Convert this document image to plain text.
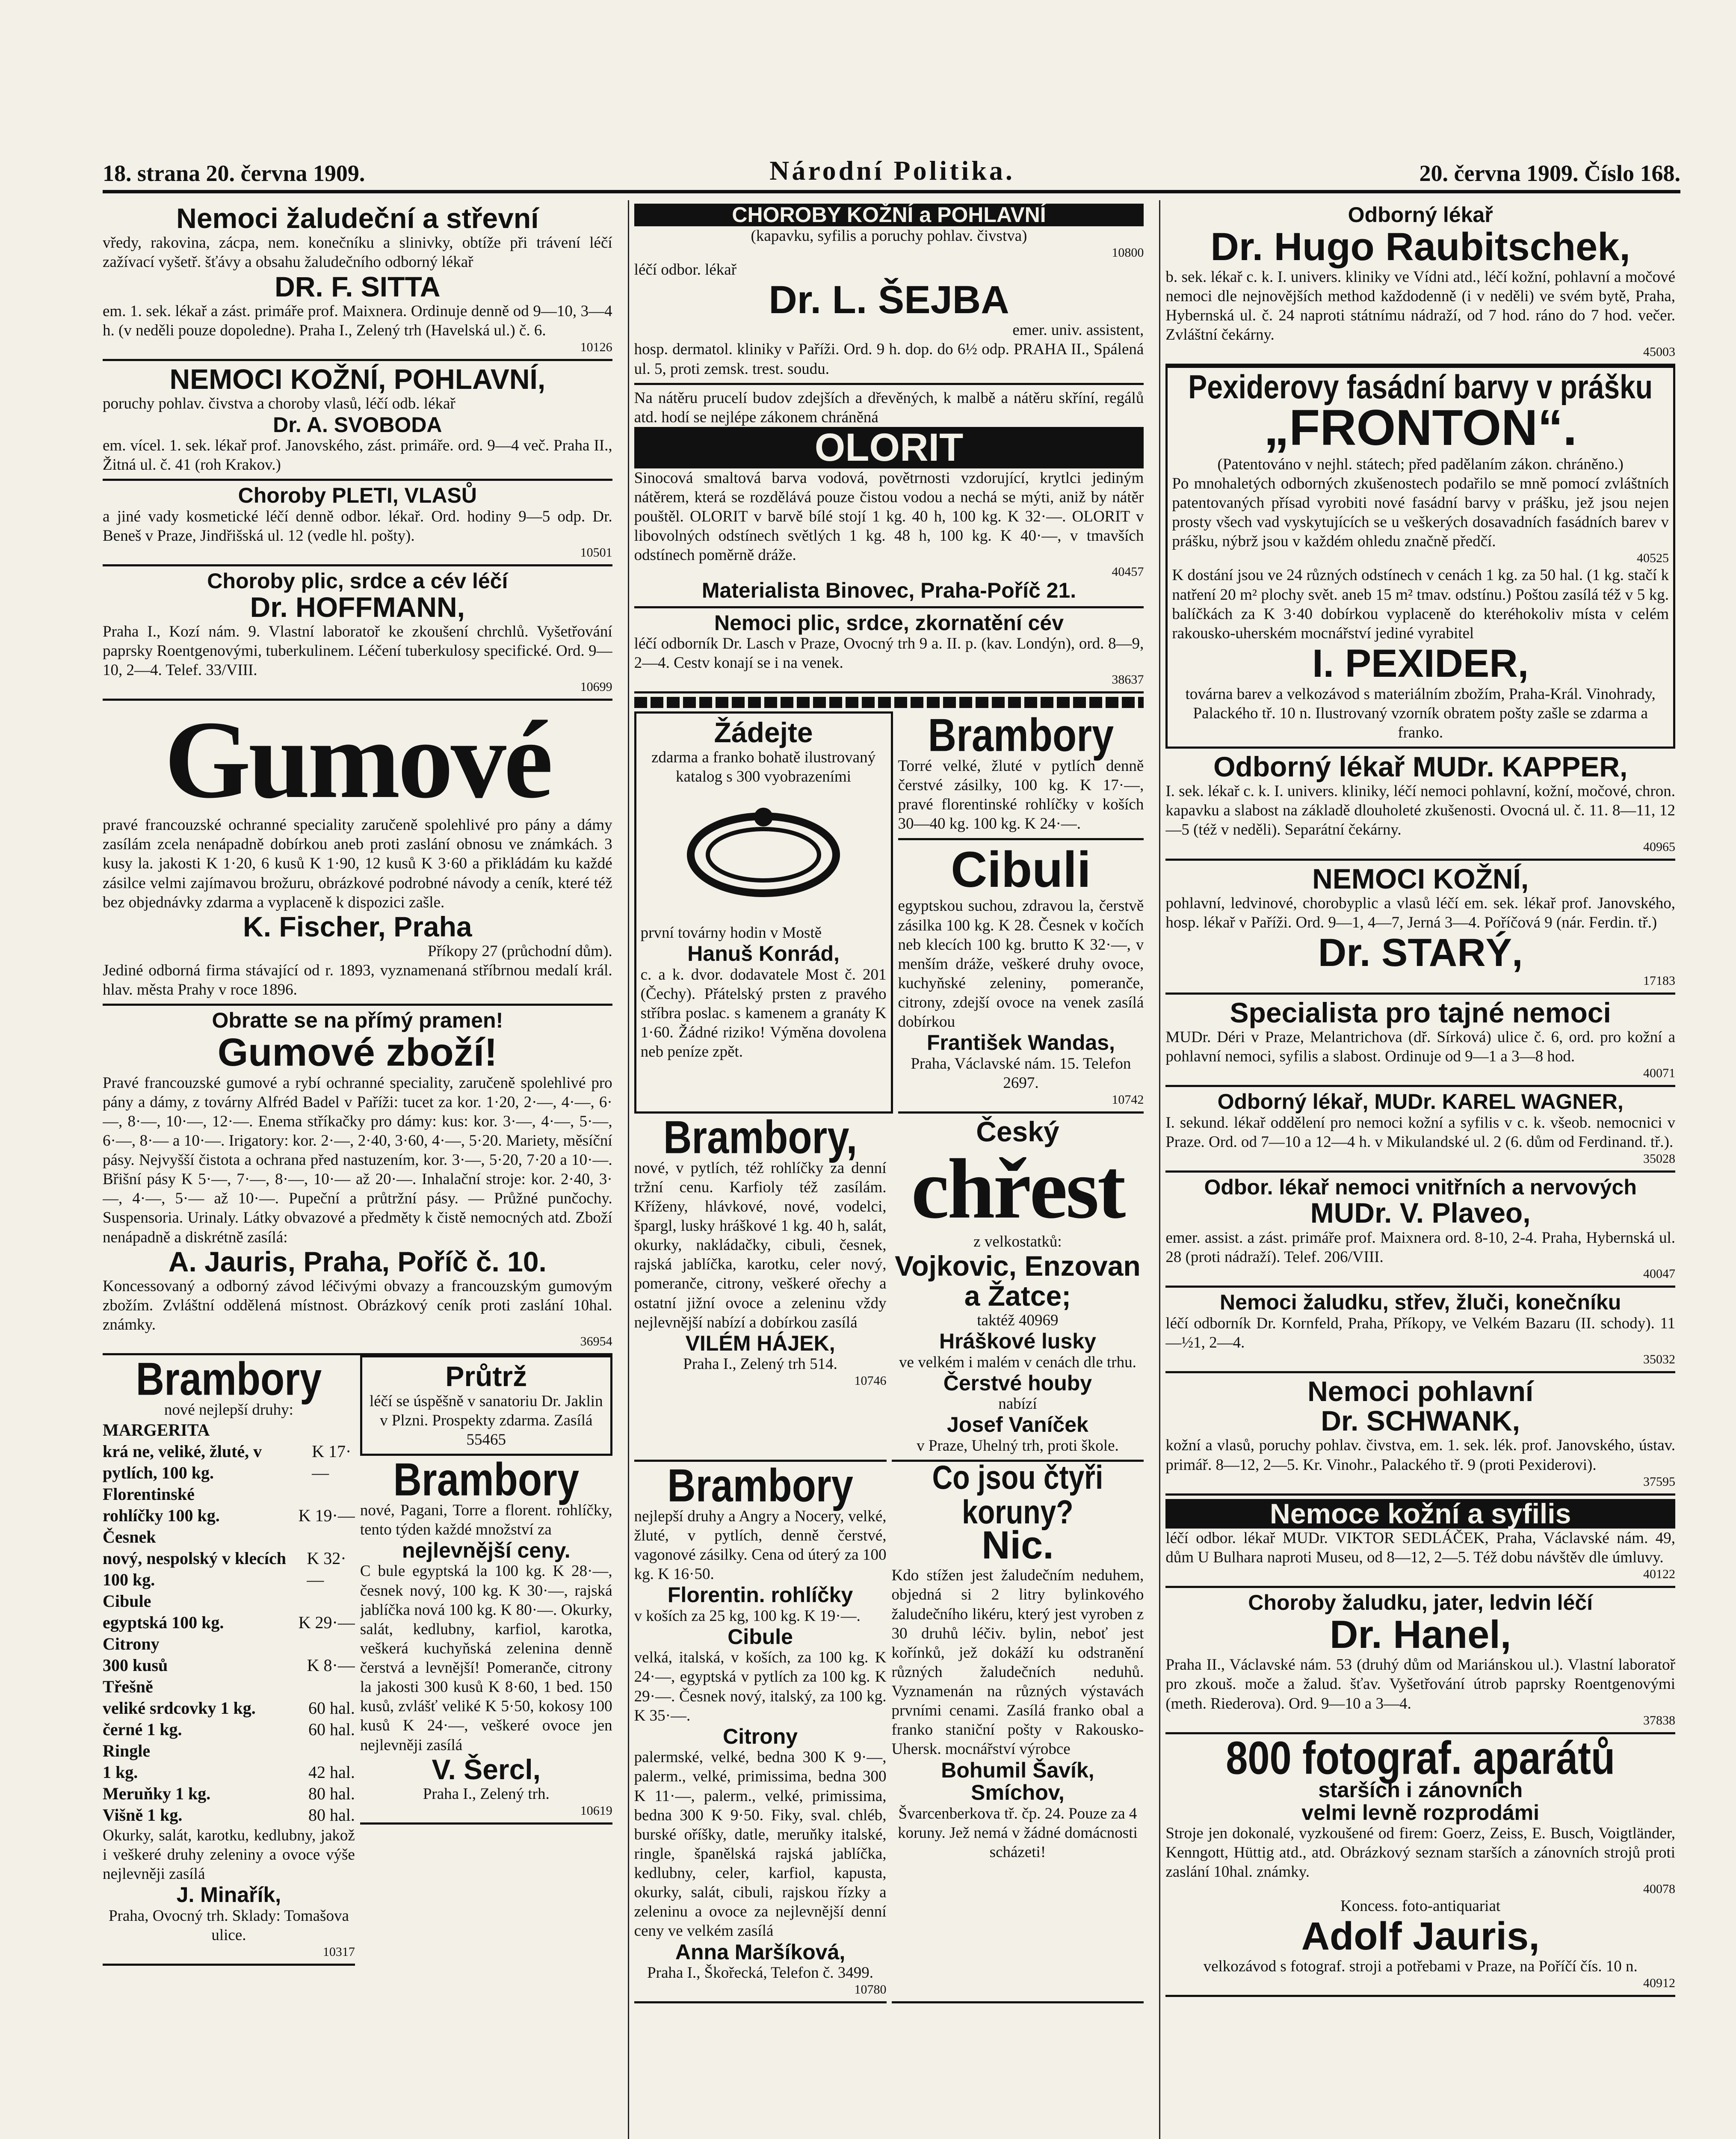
18. strana 20. června 1909.	Národní Politika.	20. června 1909. Číslo 168.
Nemoci žaludeční a střevní
vředy, rakovina, zácpa, nem. konečníku a slinivky, obtíže při trávení léčí zažívací vyšetř. šťávy a obsahu žaludečního odborný lékař
DR. F. SITTA
em. 1. sek. lékař a zást. primáře prof. Maixnera. Ordinuje denně od 9—10, 3—4 h. (v neděli pouze dopoledne). Praha I., Zelený trh (Havelská ul.) č. 6.
10126
NEMOCI KOŽNÍ, POHLAVNÍ,
poruchy pohlav. čivstva a choroby vlasů, léčí odb. lékař
Dr. A. SVOBODA
em. vícel. 1. sek. lékař prof. Janovského, zást. primáře. ord. 9—4 več. Praha II., Žitná ul. č. 41 (roh Krakov.)
Choroby PLETI, VLASŮ
a jiné vady kosmetické léčí denně odbor. lékař. Ord. hodiny 9—5 odp. Dr. Beneš v Praze, Jindřišská ul. 12 (vedle hl. pošty).
10501
Choroby plic, srdce a cév léčí
Dr. HOFFMANN,
Praha I., Kozí nám. 9. Vlastní laboratoř ke zkoušení chrchlů. Vyšetřování paprsky Roentgenovými, tuberkulinem. Léčení tuberkulosy specifické. Ord. 9—10, 2—4. Telef. 33/VIII.
10699
Gumové
pravé francouzské ochranné speciality zaručeně spolehlivé pro pány a dámy zasílám zcela nenápadně dobírkou aneb proti zaslání obnosu ve známkách. 3 kusy la. jakosti K 1·20, 6 kusů K 1·90, 12 kusů K 3·60 a přikládám ku každé zásilce velmi zajímavou brožuru, obrázkové podrobné návody a ceník, které též bez objednávky zdarma a vyplaceně k dispozici zašle.
K. Fischer, Praha
Příkopy 27 (průchodní dům).
Jediné odborná firma stávající od r. 1893, vyznamenaná stříbrnou medalí král. hlav. města Prahy v roce 1896.
Obratte se na přímý pramen!
Gumové zboží!
Pravé francouzské gumové a rybí ochranné speciality, zaručeně spolehlivé pro pány a dámy, z továrny Alfréd Badel v Paříži: tucet za kor. 1·20, 2·—, 4·—, 6·—, 8·—, 10·—, 12·—. Enema stříkačky pro dámy: kus: kor. 3·—, 4·—, 5·—, 6·—, 8·— a 10·—. Irigatory: kor. 2·—, 2·40, 3·60, 4·—, 5·20. Mariety, měsíční pásy. Nejvyšší čistota a ochrana před nastuzením, kor. 3·—, 5·20, 7·20 a 10·—. Břišní pásy K 5·—, 7·—, 8·—, 10·— až 20·—. Inhalační stroje: kor. 2·40, 3·—, 4·—, 5·— až 10·—. Pupeční a průtržní pásy. — Průžné punčochy. Suspensoria. Urinaly. Látky obvazové a předměty k čistě nemocných atd. Zboží nenápadně a diskrétně zasílá:
A. Jauris, Praha, Poříč č. 10.
Koncessovaný a odborný závod léčivými obvazy a francouzským gumovým zbožím. Zvláštní oddělená místnost. Obrázkový ceník proti zaslání 10hal. známky.
36954
Brambory
nové nejlepší druhy:
MARGERITA
krá ne, veliké, žluté, v pytlích, 100 kg.
K 17·—
Florentinské
rohlíčky 100 kg.	K 19·—
Česnek
nový, nespolský v klecích 100 kg.
K 32·—
Cibule
egyptská 100 kg.	K 29·—
Citrony
300 kusů	K 8·—
Třešně
veliké srdcovky 1 kg.	60 hal.
černé 1 kg.	60 hal.
Ringle
1 kg.	42 hal.
Meruňky 1 kg.	80 hal.
Višně 1 kg.	80 hal.
Okurky, salát, karotku, kedlubny, jakož i veškeré druhy zeleniny a ovoce výše nejlevněji zasílá
J. Minařík,
Praha, Ovocný trh. Sklady: Tomašova ulice.
10317
Průtrž
léčí se úspěšně v sanatoriu Dr. Jaklin v Plzni. Prospekty zdarma. Zasílá 55465
Brambory
nové, Pagani, Torre a florent. rohlíčky, tento týden každé množství za
nejlevnější ceny.
C bule egyptská la 100 kg. K 28·—, česnek nový, 100 kg. K 30·—, rajská jablíčka nová 100 kg. K 80·—. Okurky, salát, kedlubny, karfiol, karotka, veškerá kuchyňská zelenina denně čerstvá a levnější! Pomeranče, citrony la jakosti 300 kusů K 8·60, 1 bed. 150 kusů, zvlášť veliké K 5·50, kokosy 100 kusů K 24·—, veškeré ovoce jen nejlevněji zasílá
V. Šercl,
Praha I., Zelený trh.
10619
CHOROBY KOŽNÍ a POHLAVNÍ
(kapavku, syfilis a poruchy pohlav. čivstva)
10800
léčí odbor. lékař
Dr. L. ŠEJBA
emer. univ. assistent,
hosp. dermatol. kliniky v Paříži. Ord. 9 h. dop. do 6½ odp. PRAHA II., Spálená ul. 5, proti zemsk. trest. soudu.
Na nátěru prucelí budov zdejších a dřevěných, k malbě a nátěru skříní, regálů atd. hodí se nejlépe zákonem chráněná
OLORIT
Sinocová smaltová barva vodová, povětrnosti vzdorující, krytlci jediným nátěrem, která se rozdělává pouze čistou vodou a nechá se mýti, aniž by nátěr pouštěl. OLORIT v barvě bílé stojí 1 kg. 40 h, 100 kg. K 32·—. OLORIT v libovolných odstínech světlých 1 kg. 48 h, 100 kg. K 40·—, v tmavších odstínech poměrně dráže.
40457
Materialista Binovec, Praha-Poříč 21.
Nemoci plic, srdce, zkornatění cév
léčí odborník Dr. Lasch v Praze, Ovocný trh 9 a. II. p. (kav. Londýn), ord. 8—9, 2—4. Cestv konají se i na venek.
38637
Žádejte
zdarma a franko bohatě ilustrovaný katalog s 300 vyobrazeními
první továrny hodin v Mostě
Hanuš Konrád,
c. a k. dvor. dodavatele Most č. 201 (Čechy). Přátelský prsten z pravého stříbra poslac. s kamenem a granáty K 1·60. Žádné riziko! Výměna dovolena neb peníze zpět.
Brambory
Torré velké, žluté v pytlích denně čerstvé zásilky, 100 kg. K 17·—, pravé florentinské rohlíčky v koších 30—40 kg. 100 kg. K 24·—.
Cibuli
egyptskou suchou, zdravou la, čerstvě zásilka 100 kg. K 28. Česnek v kočích neb klecích 100 kg. brutto K 32·—, v menším dráže, veškeré druhy ovoce, kuchyňské zeleniny, pomeranče, citrony, zdejší ovoce na venek zasílá dobírkou
František Wandas,
Praha, Václavské nám. 15. Telefon 2697.
10742
Brambory,
nové, v pytlích, též rohlíčky za denní tržní cenu. Karfioly též zasílám. Kříženy, hlávkové, nové, vodelci, špargl, lusky hráškové 1 kg. 40 h, salát, okurky, nakládačky, cibuli, česnek, rajská jablíčka, karotku, celer nový, pomeranče, citrony, veškeré ořechy a ostatní jižní ovoce a zeleninu vždy nejlevnější nabízí a dobírkou zasílá
VILÉM HÁJEK,
Praha I., Zelený trh 514.
10746
Český
chřest
z velkostatků:
Vojkovic, Enzovan a Žatce;
taktéž 40969
Hráškové lusky
ve velkém i malém v cenách dle trhu.
Čerstvé houby
nabízí
Josef Vaníček
v Praze, Uhelný trh, proti škole.
Brambory
nejlepší druhy a Angry a Nocery, velké, žluté, v pytlích, denně čerstvé, vagonové zásilky. Cena od úterý za 100 kg. K 16·50.
Florentin. rohlíčky
v koších za 25 kg, 100 kg. K 19·—.
Cibule
velká, italská, v koších, za 100 kg. K 24·—, egyptská v pytlích za 100 kg. K 29·—. Česnek nový, italský, za 100 kg. K 35·—.
Citrony
palermské, velké, bedna 300 K 9·—, palerm., velké, primissima, bedna 300 K 11·—, palerm., velké, primissima, bedna 300 K 9·50. Fiky, sval. chléb, burské oříšky, datle, meruňky italské, ringle, španělská rajská jablíčka, kedlubny, celer, karfiol, kapusta, okurky, salát, cibuli, rajskou řízky a zeleninu a ovoce za nejlevnější denní ceny ve velkém zasílá
Anna Maršíková,
Praha I., Škořecká, Telefon č. 3499.
10780
Co jsou čtyři koruny?
Nic.
Kdo stížen jest žaludečním neduhem, objedná si 2 litry bylinkového žaludečního likéru, který jest vyroben z 30 druhů léčiv. bylin, neboť jest kořínků, jež dokáží ku odstranění různých žaludečních neduhů. Vyznamenán na různých výstavách prvními cenami. Zasílá franko obal a franko staniční pošty v Rakousko-Uhersk. mocnářství výrobce
Bohumil Šavík, Smíchov,
Švarcenberkova tř. čp. 24. Pouze za 4 koruny. Jež nemá v žádné domácnosti scházeti!
Odborný lékař
Dr. Hugo Raubitschek,
b. sek. lékař c. k. I. univers. kliniky ve Vídni atd., léčí kožní, pohlavní a močové nemoci dle nejnovějších method každodenně (i v neděli) ve svém bytě, Praha, Hybernská ul. č. 24 naproti státnímu nádraží, od 7 hod. ráno do 7 hod. večer. Zvláštní čekárny.
45003
Pexiderovy fasádní barvy v prášku
„FRONTON“.
(Patentováno v nejhl. státech; před padělaním zákon. chráněno.)
Po mnohaletých odborných zkušenostech podařilo se mně pomocí zvláštních patentovaných přísad vyrobiti nové fasádní barvy v prášku, jež jsou nejen prosty všech vad vyskytujících se u veškerých dosavadních fasádních barev v prášku, nýbrž jsou v každém ohledu značně předčí.
40525
K dostání jsou ve 24 různých odstínech v cenách 1 kg. za 50 hal. (1 kg. stačí k natření 20 m² plochy svět. aneb 15 m² tmav. odstínu.) Poštou zasílá též v 5 kg. balíčkách za K 3·40 dobírkou vyplaceně do kteréhokoliv místa v celém rakousko-uherském mocnářství jediné vyrabitel
I. PEXIDER,
továrna barev a velkozávod s materiálním zbožím, Praha-Král. Vinohrady, Palackého tř. 10 n. Ilustrovaný vzorník obratem pošty zašle se zdarma a franko.
Odborný lékař MUDr. KAPPER,
I. sek. lékař c. k. I. univers. kliniky, léčí nemoci pohlavní, kožní, močové, chron. kapavku a slabost na základě dlouholeté zkušenosti. Ovocná ul. č. 11. 8—11, 12—5 (též v neděli). Separátní čekárny.
40965
NEMOCI KOŽNÍ,
pohlavní, ledvinové, chorobyplic a vlasů léčí em. sek. lékař prof. Janovského, hosp. lékař v Paříži. Ord. 9—1, 4—7, Jerná 3—4. Poříčová 9 (nár. Ferdin. tř.)
Dr. STARÝ,
17183
Specialista pro tajné nemoci
MUDr. Déri v Praze, Melantrichova (dř. Sírková) ulice č. 6, ord. pro kožní a pohlavní nemoci, syfilis a slabost. Ordinuje od 9—1 a 3—8 hod.
40071
Odborný lékař, MUDr. KAREL WAGNER,
I. sekund. lékař oddělení pro nemoci kožní a syfilis v c. k. všeob. nemocnici v Praze. Ord. od 7—10 a 12—4 h. v Mikulandské ul. 2 (6. dům od Ferdinand. tř.).
35028
Odbor. lékař nemoci vnitřních a nervových
MUDr. V. Plaveo,
emer. assist. a zást. primáře prof. Maixnera ord. 8-10, 2-4. Praha, Hybernská ul. 28 (proti nádraží). Telef. 206/VIII.
40047
Nemoci žaludku, střev, žluči, konečníku
léčí odborník Dr. Kornfeld, Praha, Příkopy, ve Velkém Bazaru (II. schody). 11—½1, 2—4.
35032
Nemoci pohlavní
Dr. SCHWANK,
kožní a vlasů, poruchy pohlav. čivstva, em. 1. sek. lék. prof. Janovského, ústav. primář. 8—12, 2—5. Kr. Vinohr., Palackého tř. 9 (proti Pexiderovi).
37595
Nemoce kožní a syfilis
léčí odbor. lékař MUDr. VIKTOR SEDLÁČEK, Praha, Václavské nám. 49, dům U Bulhara naproti Museu, od 8—12, 2—5. Též dobu návštěv dle úmluvy.
40122
Choroby žaludku, jater, ledvin léčí
Dr. Hanel,
Praha II., Václavské nám. 53 (druhý dům od Mariánskou ul.). Vlastní laboratoř pro zkouš. moče a žalud. šťav. Vyšetřování útrob paprsky Roentgenovými (meth. Riederova). Ord. 9—10 a 3—4.
37838
800 fotograf. aparátů
starších i zánovních
velmi levně rozprodámi
Stroje jen dokonalé, vyzkoušené od firem: Goerz, Zeiss, E. Busch, Voigtländer, Kenngott, Hüttig atd., atd. Obrázkový seznam starších a zánovních strojů proti zaslání 10hal. známky.
40078
Koncess. foto-antiquariat
Adolf Jauris,
velkozávod s fotograf. stroji a potřebami v Praze, na Poříčí čís. 10 n.
40912
